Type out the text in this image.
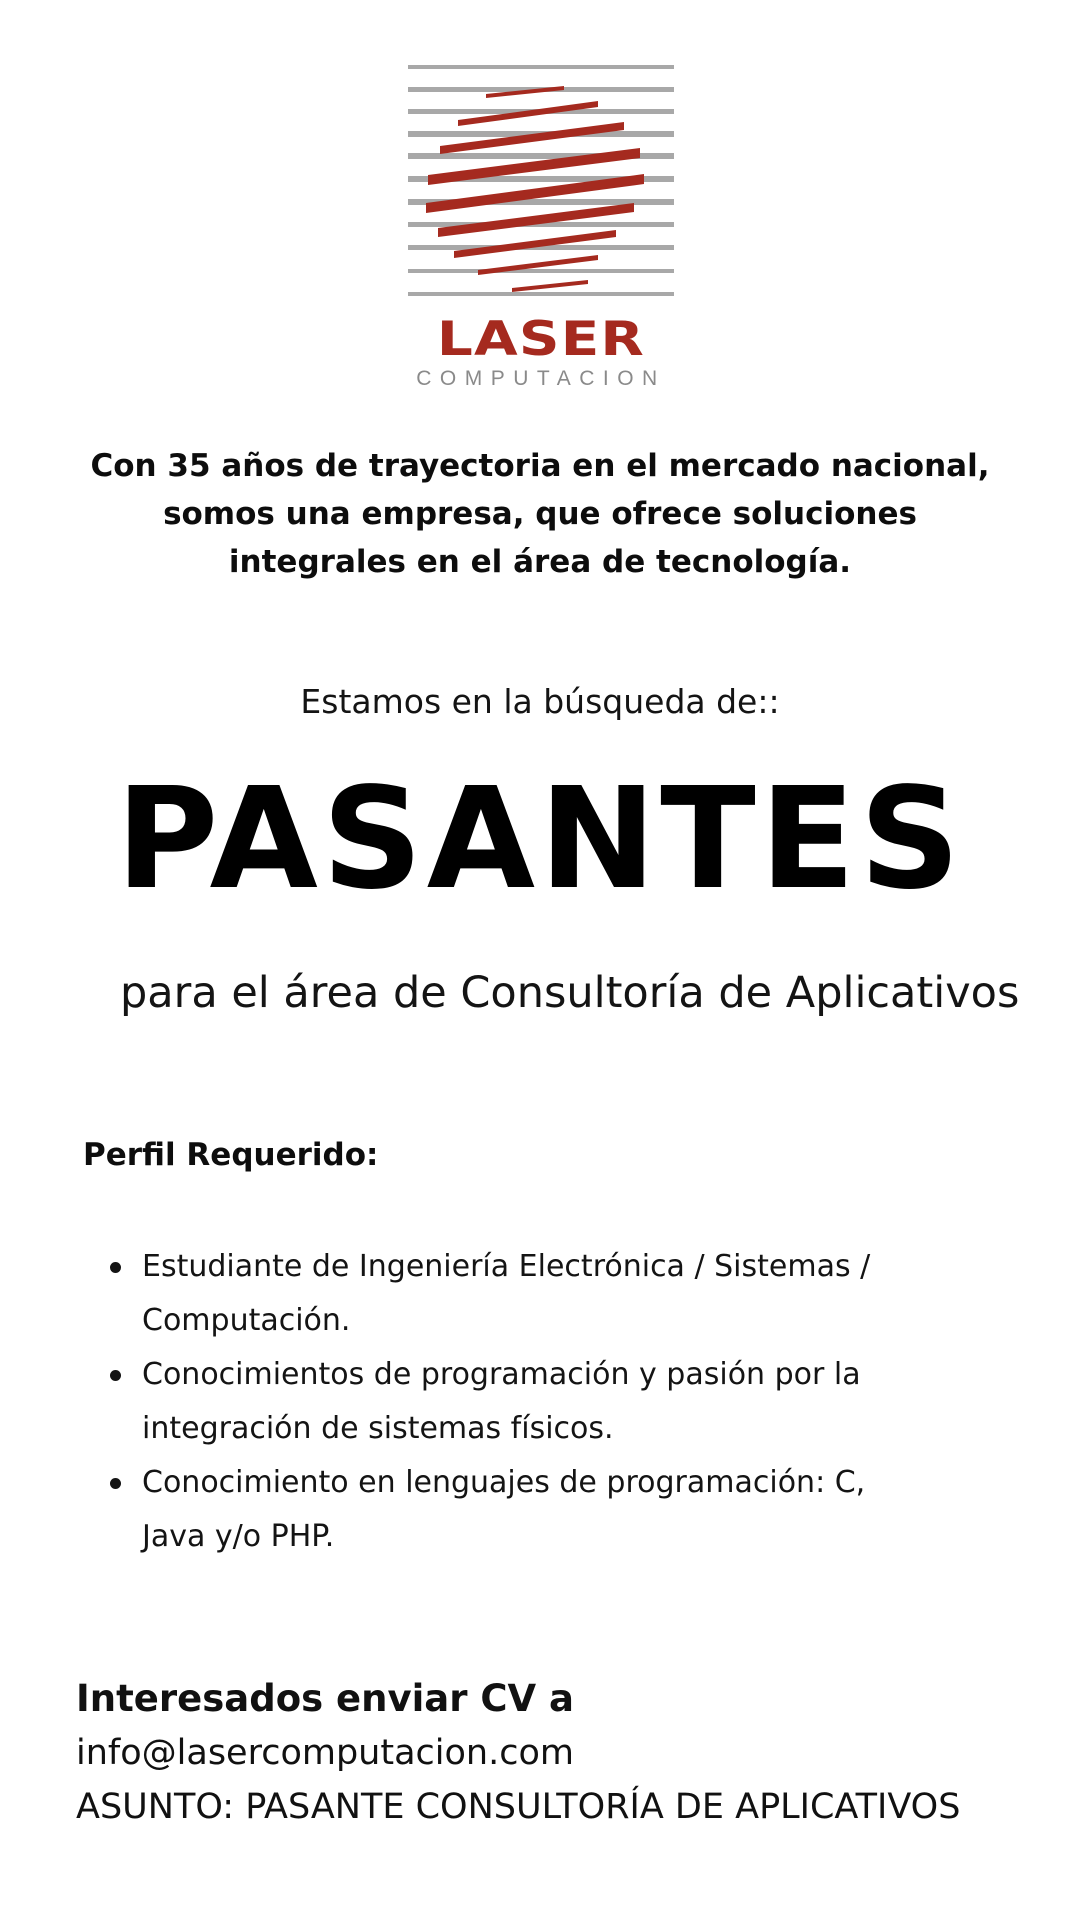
LASER
COMPUTACION
Con 35 años de trayectoria en el mercado nacional,
somos una empresa, que ofrece soluciones
integrales en el área de tecnología.
Estamos en la búsqueda de::
PASANTES
para el área de Consultoría de Aplicativos
Perfil Requerido:
Estudiante de Ingeniería Electrónica / Sistemas /
Computación.
Conocimientos de programación y pasión por la
integración de sistemas físicos.
Conocimiento en lenguajes de programación: C,
Java y/o PHP.
Interesados enviar CV a
info@lasercomputacion.com
ASUNTO: PASANTE CONSULTORÍA DE APLICATIVOS
